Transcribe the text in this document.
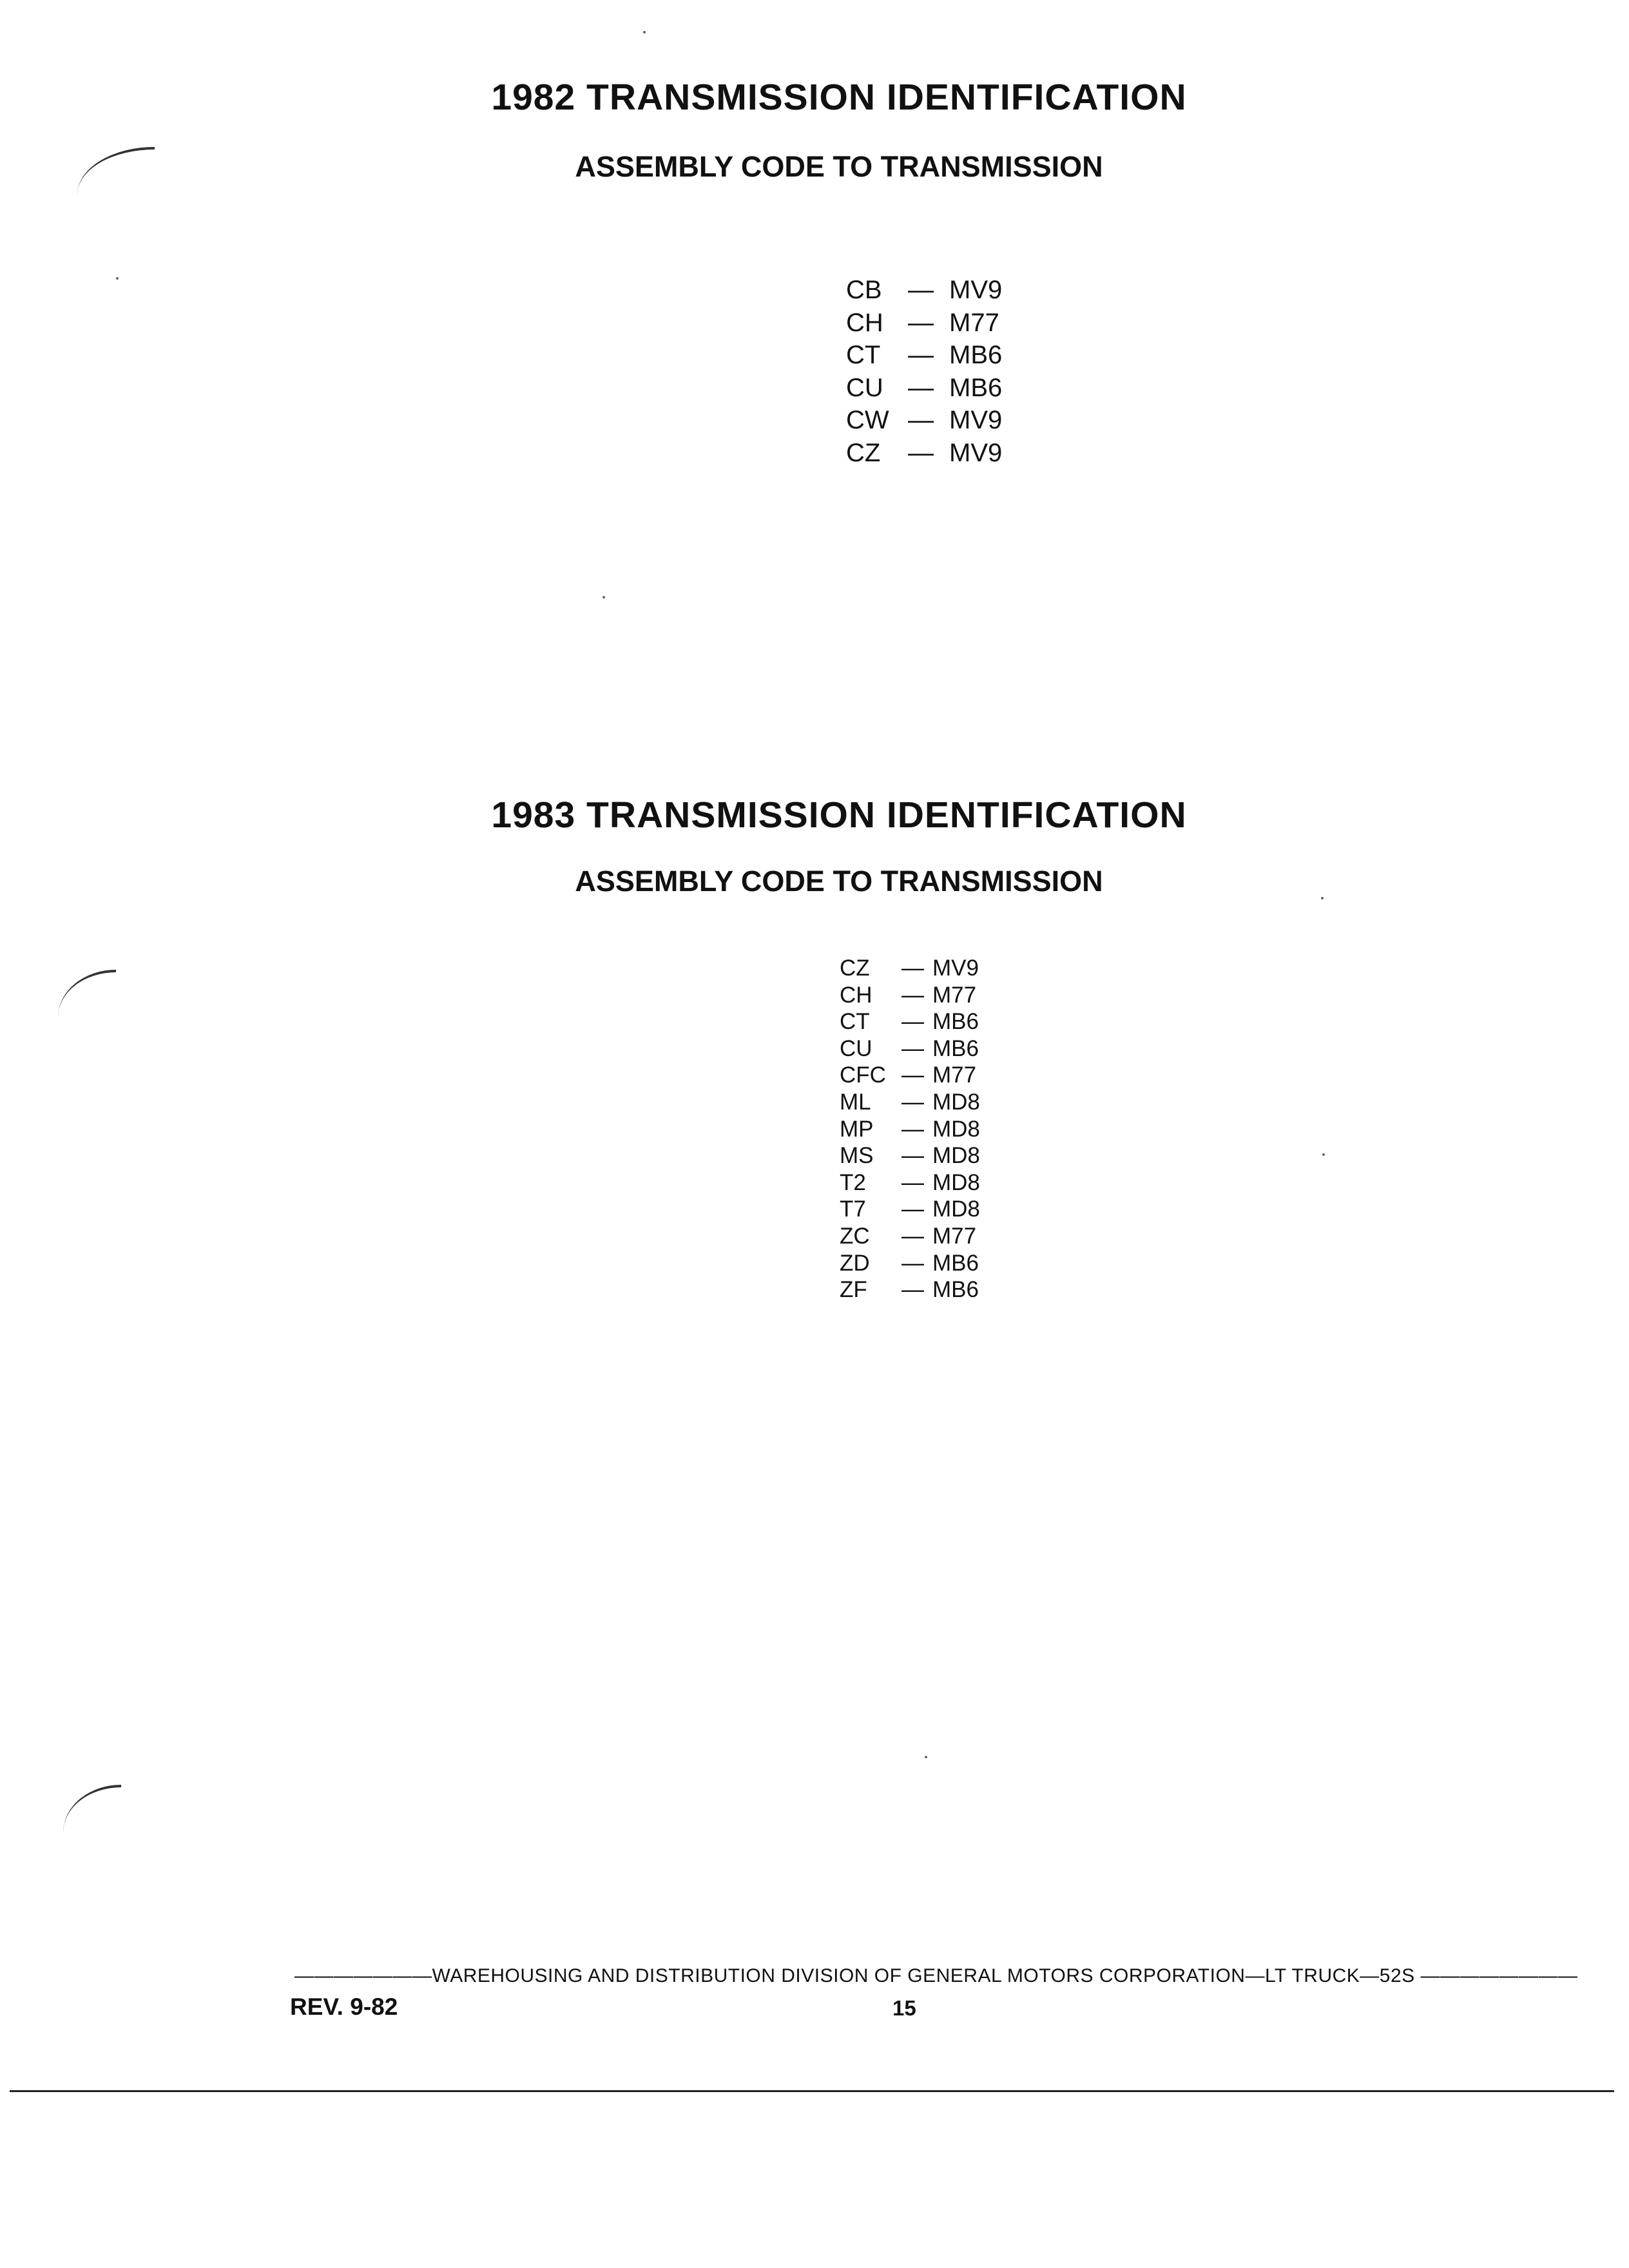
1982 TRANSMISSION IDENTIFICATION
ASSEMBLY CODE TO TRANSMISSION
CB — MV9
CH — M77
CT — MB6
CU — MB6
CW — MV9
CZ — MV9
1983 TRANSMISSION IDENTIFICATION
ASSEMBLY CODE TO TRANSMISSION
CZ — MV9
CH — M77
CT — MB6
CU — MB6
CFC — M77
ML — MD8
MP — MD8
MS — MD8
T2 — MD8
T7 — MD8
ZC — M77
ZD — MB6
ZF — MB6
———————WAREHOUSING AND DISTRIBUTION DIVISION OF GENERAL MOTORS CORPORATION—LT TRUCK—52S ————————
REV. 9-82	15
